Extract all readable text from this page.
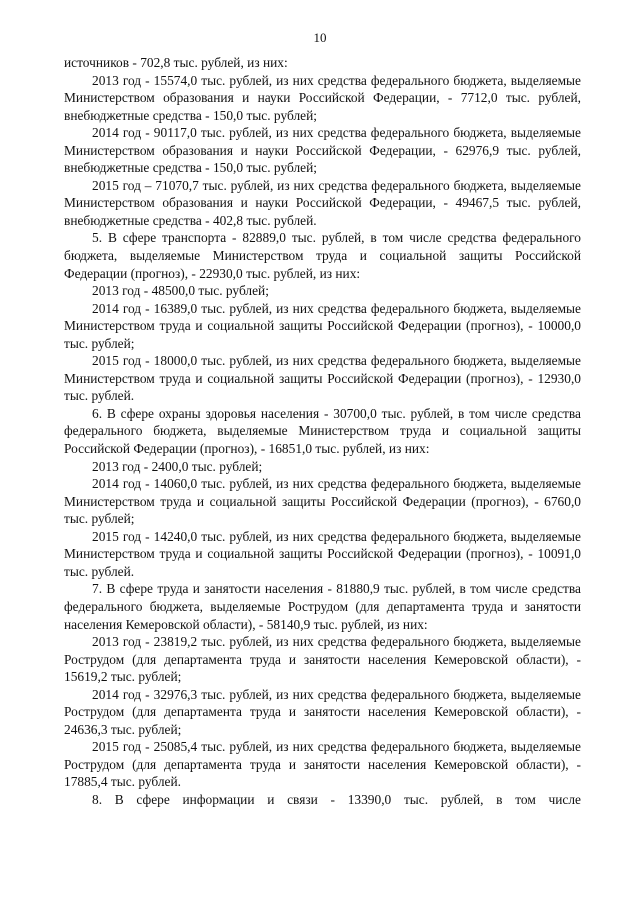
10

источников - 702,8 тыс. рублей, из них:

2013 год - 15574,0 тыс. рублей, из них средства федерального бюджета, выделяемые Министерством образования и науки Российской Федерации, - 7712,0 тыс. рублей, внебюджетные средства - 150,0 тыс. рублей;

2014 год - 90117,0 тыс. рублей, из них средства федерального бюджета, выделяемые Министерством образования и науки Российской Федерации, - 62976,9 тыс. рублей, внебюджетные средства - 150,0 тыс. рублей;

2015 год – 71070,7 тыс. рублей, из них средства федерального бюджета, выделяемые Министерством образования и науки Российской Федерации, - 49467,5 тыс. рублей, внебюджетные средства - 402,8 тыс. рублей.

5. В сфере транспорта - 82889,0 тыс. рублей, в том числе средства федерального бюджета, выделяемые Министерством труда и социальной защиты Российской Федерации (прогноз), - 22930,0 тыс. рублей, из них:

2013 год - 48500,0 тыс. рублей;

2014 год - 16389,0 тыс. рублей, из них средства федерального бюджета, выделяемые Министерством труда и социальной защиты Российской Федерации (прогноз), - 10000,0 тыс. рублей;

2015 год - 18000,0 тыс. рублей, из них средства федерального бюджета, выделяемые Министерством труда и социальной защиты Российской Федерации (прогноз), - 12930,0 тыс. рублей.

6. В сфере охраны здоровья населения - 30700,0 тыс. рублей, в том числе средства федерального бюджета, выделяемые Министерством труда и социальной защиты Российской Федерации (прогноз), - 16851,0 тыс. рублей, из них:

2013 год - 2400,0 тыс. рублей;

2014 год - 14060,0 тыс. рублей, из них средства федерального бюджета, выделяемые Министерством труда и социальной защиты Российской Федерации (прогноз), - 6760,0 тыс. рублей;

2015 год - 14240,0 тыс. рублей, из них средства федерального бюджета, выделяемые Министерством труда и социальной защиты Российской Федерации (прогноз), - 10091,0 тыс. рублей.

7. В сфере труда и занятости населения - 81880,9 тыс. рублей, в том числе средства федерального бюджета, выделяемые Рострудом (для департамента труда и занятости населения Кемеровской области), - 58140,9 тыс. рублей, из них:

2013 год - 23819,2 тыс. рублей, из них средства федерального бюджета, выделяемые Рострудом (для департамента труда и занятости населения Кемеровской области), - 15619,2 тыс. рублей;

2014 год - 32976,3 тыс. рублей, из них средства федерального бюджета, выделяемые Рострудом (для департамента труда и занятости населения Кемеровской области), - 24636,3 тыс. рублей;

2015 год - 25085,4 тыс. рублей, из них средства федерального бюджета, выделяемые Рострудом (для департамента труда и занятости населения Кемеровской области), - 17885,4 тыс. рублей.

8. В сфере информации и связи - 13390,0 тыс. рублей, в том числе
